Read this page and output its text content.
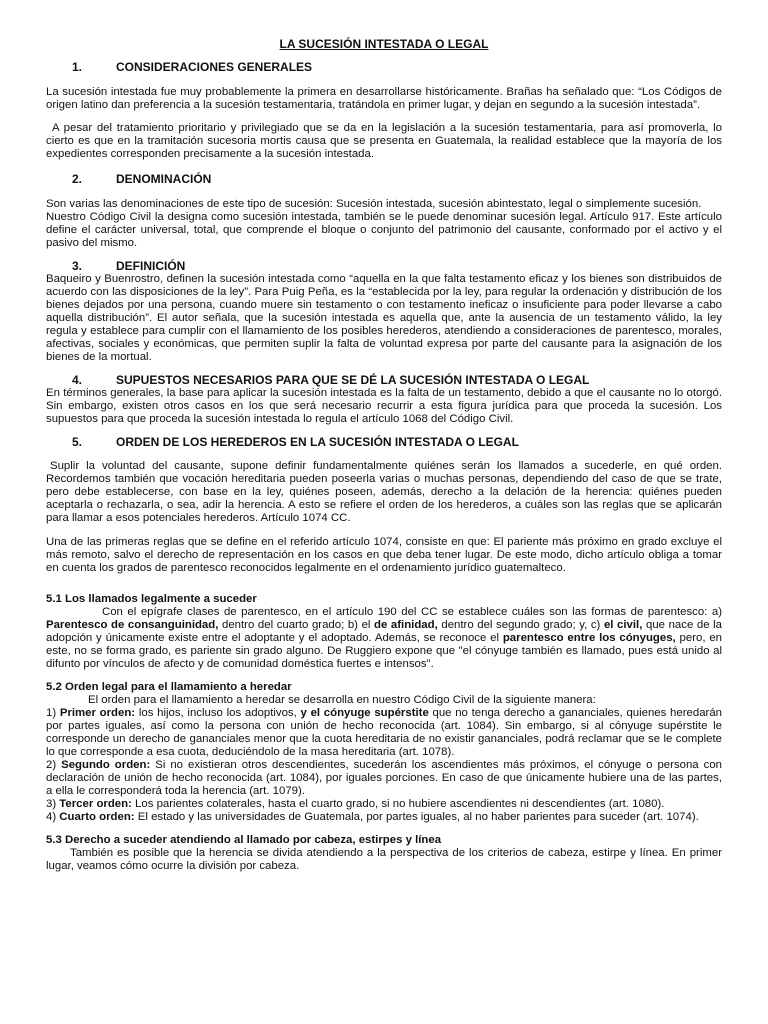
LA SUCESIÓN INTESTADA O LEGAL
1.	CONSIDERACIONES GENERALES

La sucesión intestada fue muy probablemente la primera en desarrollarse históricamente. Brañas ha señalado que: “Los Códigos de origen latino dan preferencia a la sucesión testamentaria, tratándola en primer lugar, y dejan en segundo a la sucesión intestada”.

A pesar del tratamiento prioritario y privilegiado que se da en la legislación a la sucesión testamentaria, para así promoverla, lo cierto es que en la tramitación sucesoria mortis causa que se presenta en Guatemala, la realidad establece que la mayoría de los expedientes corresponden precisamente a la sucesión intestada.

2.	DENOMINACIÓN

Son varias las denominaciones de este tipo de sucesión: Sucesión intestada, sucesión abintestato, legal o simplemente sucesión.

Nuestro Código Civil la designa como sucesión intestada, también se le puede denominar sucesión legal. Artículo 917. Este artículo define el carácter universal, total, que comprende el bloque o conjunto del patrimonio del causante, conformado por el activo y el pasivo del mismo.

3.	DEFINICIÓN

Baqueiro y Buenrostro, definen la sucesión intestada como “aquella en la que falta testamento eficaz y los bienes son distribuidos de acuerdo con las disposiciones de la ley”. Para Puig Peña, es la “establecida por la ley, para regular la ordenación y distribución de los bienes dejados por una persona, cuando muere sin testamento o con testamento ineficaz o insuficiente para poder llevarse a cabo aquella distribución”. El autor señala, que la sucesión intestada es aquella que, ante la ausencia de un testamento válido, la ley regula y establece para cumplir con el llamamiento de los posibles herederos, atendiendo a consideraciones de parentesco, morales, afectivas, sociales y económicas, que permiten suplir la falta de voluntad expresa por parte del causante para la asignación de los bienes de la mortual.

4.	SUPUESTOS NECESARIOS PARA QUE SE DÉ LA SUCESIÓN INTESTADA O LEGAL

En términos generales, la base para aplicar la sucesión intestada es la falta de un testamento, debido a que el causante no lo otorgó. Sin embargo, existen otros casos en los que será necesario recurrir a esta figura jurídica para que proceda la sucesión. Los supuestos para que proceda la sucesión intestada lo regula el artículo 1068 del Código Civil.

5.	ORDEN DE LOS HEREDEROS EN LA SUCESIÓN INTESTADA O LEGAL

Suplir la voluntad del causante, supone definir fundamentalmente quiénes serán los llamados a sucederle, en qué orden. Recordemos también que vocación hereditaria pueden poseerla varias o muchas personas, dependiendo del caso de que se trate, pero debe establecerse, con base en la ley, quiénes poseen, además, derecho a la delación de la herencia: quiénes pueden aceptarla o rechazarla, o sea, adir la herencia. A esto se refiere el orden de los herederos, a cuáles son las reglas que se aplicarán para llamar a esos potenciales herederos. Artículo 1074 CC.

Una de las primeras reglas que se define en el referido artículo 1074, consiste en que: El pariente más próximo en grado excluye el más remoto, salvo el derecho de representación en los casos en que deba tener lugar. De este modo, dicho artículo obliga a tomar en cuenta los grados de parentesco reconocidos legalmente en el ordenamiento jurídico guatemalteco.

5.1 Los llamados legalmente a suceder

Con el epígrafe clases de parentesco, en el artículo 190 del CC se establece cuáles son las formas de parentesco: a) Parentesco de consanguinidad, dentro del cuarto grado; b) el de afinidad, dentro del segundo grado; y, c) el civil, que nace de la adopción y únicamente existe entre el adoptante y el adoptado. Además, se reconoce el parentesco entre los cónyuges, pero, en este, no se forma grado, es pariente sin grado alguno. De Ruggiero expone que "el cónyuge también es llamado, pues está unido al difunto por vínculos de afecto y de comunidad doméstica fuertes e intensos".

5.2 Orden legal para el llamamiento a heredar

El orden para el llamamiento a heredar se desarrolla en nuestro Código Civil de la siguiente manera:

1) Primer orden: los hijos, incluso los adoptivos, y el cónyuge supérstite que no tenga derecho a gananciales, quienes heredarán por partes iguales, así como la persona con unión de hecho reconocida (art. 1084). Sin embargo, si al cónyuge supérstite le corresponde un derecho de gananciales menor que la cuota hereditaria de no existir gananciales, podrá reclamar que se le complete lo que corresponde a esa cuota, deduciéndolo de la masa hereditaria (art. 1078).

2) Segundo orden: Si no existieran otros descendientes, sucederán los ascendientes más próximos, el cónyuge o persona con declaración de unión de hecho reconocida (art. 1084), por iguales porciones. En caso de que únicamente hubiere una de las partes, a ella le corresponderá toda la herencia (art. 1079).

3) Tercer orden: Los parientes colaterales, hasta el cuarto grado, si no hubiere ascendientes ni descendientes (art. 1080).

4) Cuarto orden: El estado y las universidades de Guatemala, por partes iguales, al no haber parientes para suceder (art. 1074).

5.3 Derecho a suceder atendiendo al llamado por cabeza, estirpes y línea

También es posible que la herencia se divida atendiendo a la perspectiva de los criterios de cabeza, estirpe y línea. En primer lugar, veamos cómo ocurre la división por cabeza.
